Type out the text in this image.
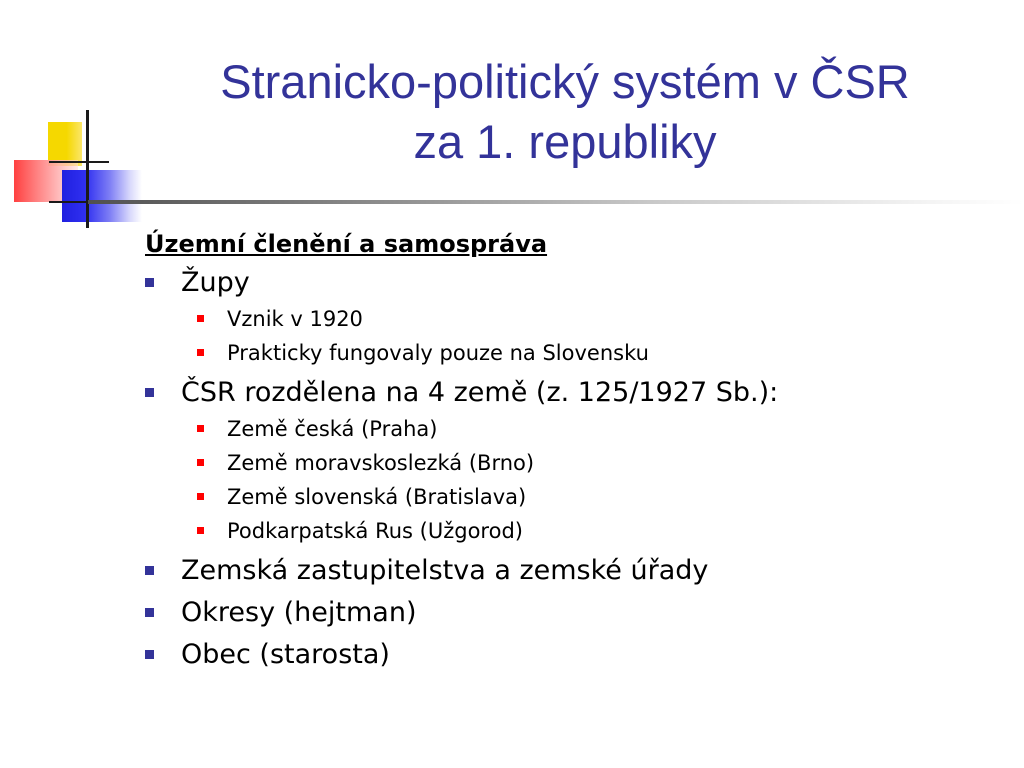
Stranicko-politický systém v ČSR
za 1. republiky
Územní členění a samospráva
Župy
Vznik v 1920
Prakticky fungovaly pouze na Slovensku
ČSR rozdělena na 4 země (z. 125/1927 Sb.):
Země česká (Praha)
Země moravskoslezká (Brno)
Země slovenská (Bratislava)
Podkarpatská Rus (Užgorod)
Zemská zastupitelstva a zemské úřady
Okresy (hejtman)
Obec (starosta)
